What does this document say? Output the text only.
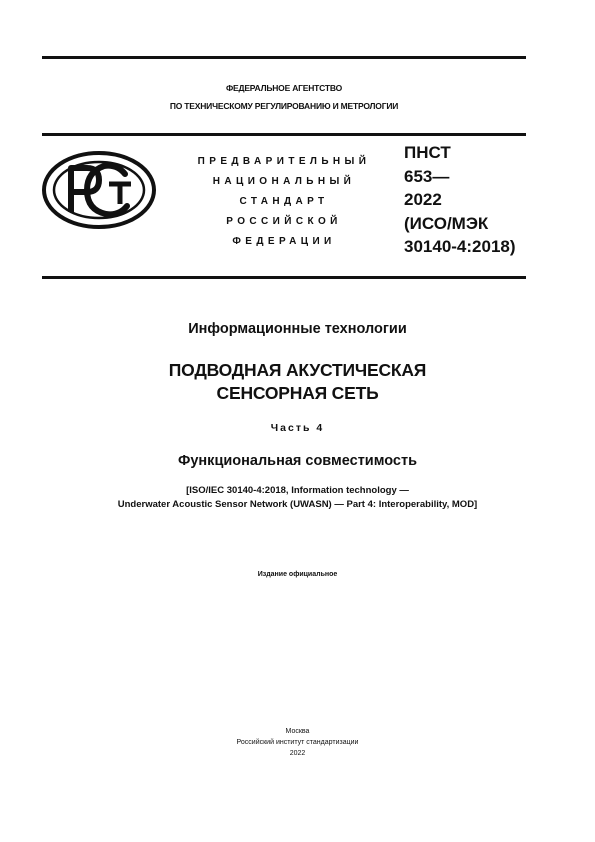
ФЕДЕРАЛЬНОЕ АГЕНТСТВО
ПО ТЕХНИЧЕСКОМУ РЕГУЛИРОВАНИЮ И МЕТРОЛОГИИ
ПРЕДВАРИТЕЛЬНЫЙ
НАЦИОНАЛЬНЫЙ
СТАНДАРТ
РОССИЙСКОЙ
ФЕДЕРАЦИИ
ПНСТ
653—
2022
(ИСО/МЭК
30140-4:2018)
Информационные технологии
ПОДВОДНАЯ АКУСТИЧЕСКАЯ
СЕНСОРНАЯ СЕТЬ
Часть 4
Функциональная совместимость
[ISO/IEC 30140-4:2018, Information technology —
Underwater Acoustic Sensor Network (UWASN) — Part 4: Interoperability, MOD]
Издание официальное
Москва
Российский институт стандартизации
2022
